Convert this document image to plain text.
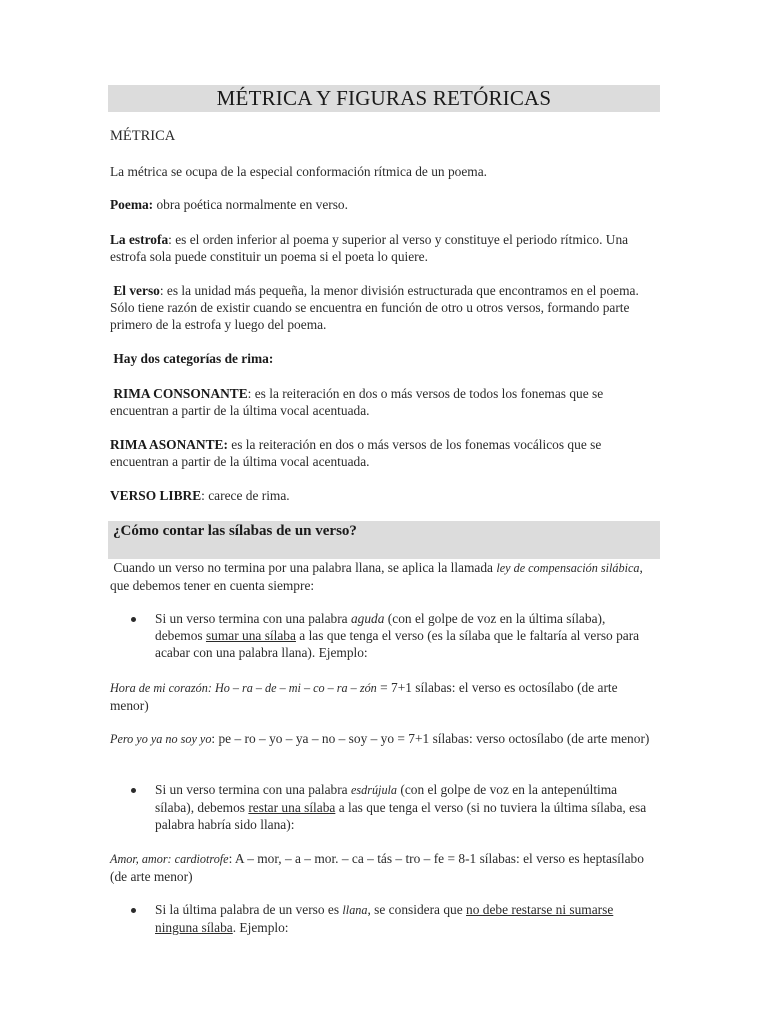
MÉTRICA Y FIGURAS RETÓRICAS
MÉTRICA
La métrica se ocupa de la especial conformación rítmica de un poema.
Poema: obra poética normalmente en verso.
La estrofa: es el orden inferior al poema y superior al verso y constituye el periodo rítmico. Una estrofa sola puede constituir un poema si el poeta lo quiere.
El verso: es la unidad más pequeña, la menor división estructurada que encontramos en el poema. Sólo tiene razón de existir cuando se encuentra en función de otro u otros versos, formando parte primero de la estrofa y luego del poema.
Hay dos categorías de rima:
RIMA CONSONANTE: es la reiteración en dos o más versos de todos los fonemas que se encuentran a partir de la última vocal acentuada.
RIMA ASONANTE: es la reiteración en dos o más versos de los fonemas vocálicos que se encuentran a partir de la última vocal acentuada.
VERSO LIBRE: carece de rima.
¿Cómo contar las sílabas de un verso?
Cuando un verso no termina por una palabra llana, se aplica la llamada ley de compensación silábica, que debemos tener en cuenta siempre:
Si un verso termina con una palabra aguda (con el golpe de voz en la última sílaba), debemos sumar una sílaba a las que tenga el verso (es la sílaba que le faltaría al verso para acabar con una palabra llana). Ejemplo:
Hora de mi corazón: Ho – ra – de – mi – co – ra – zón = 7+1 sílabas: el verso es octosílabo (de arte menor)
Pero yo ya no soy yo: pe – ro – yo – ya – no – soy – yo = 7+1 sílabas: verso octosílabo (de arte menor)
Si un verso termina con una palabra esdrújula (con el golpe de voz en la antepenúltima sílaba), debemos restar una sílaba a las que tenga el verso (si no tuviera la última sílaba, esa palabra habría sido llana):
Amor, amor: cardiotrofe: A – mor, – a – mor. – ca – tás – tro – fe = 8-1 sílabas: el verso es heptasílabo (de arte menor)
Si la última palabra de un verso es llana, se considera que no debe restarse ni sumarse ninguna sílaba. Ejemplo:
